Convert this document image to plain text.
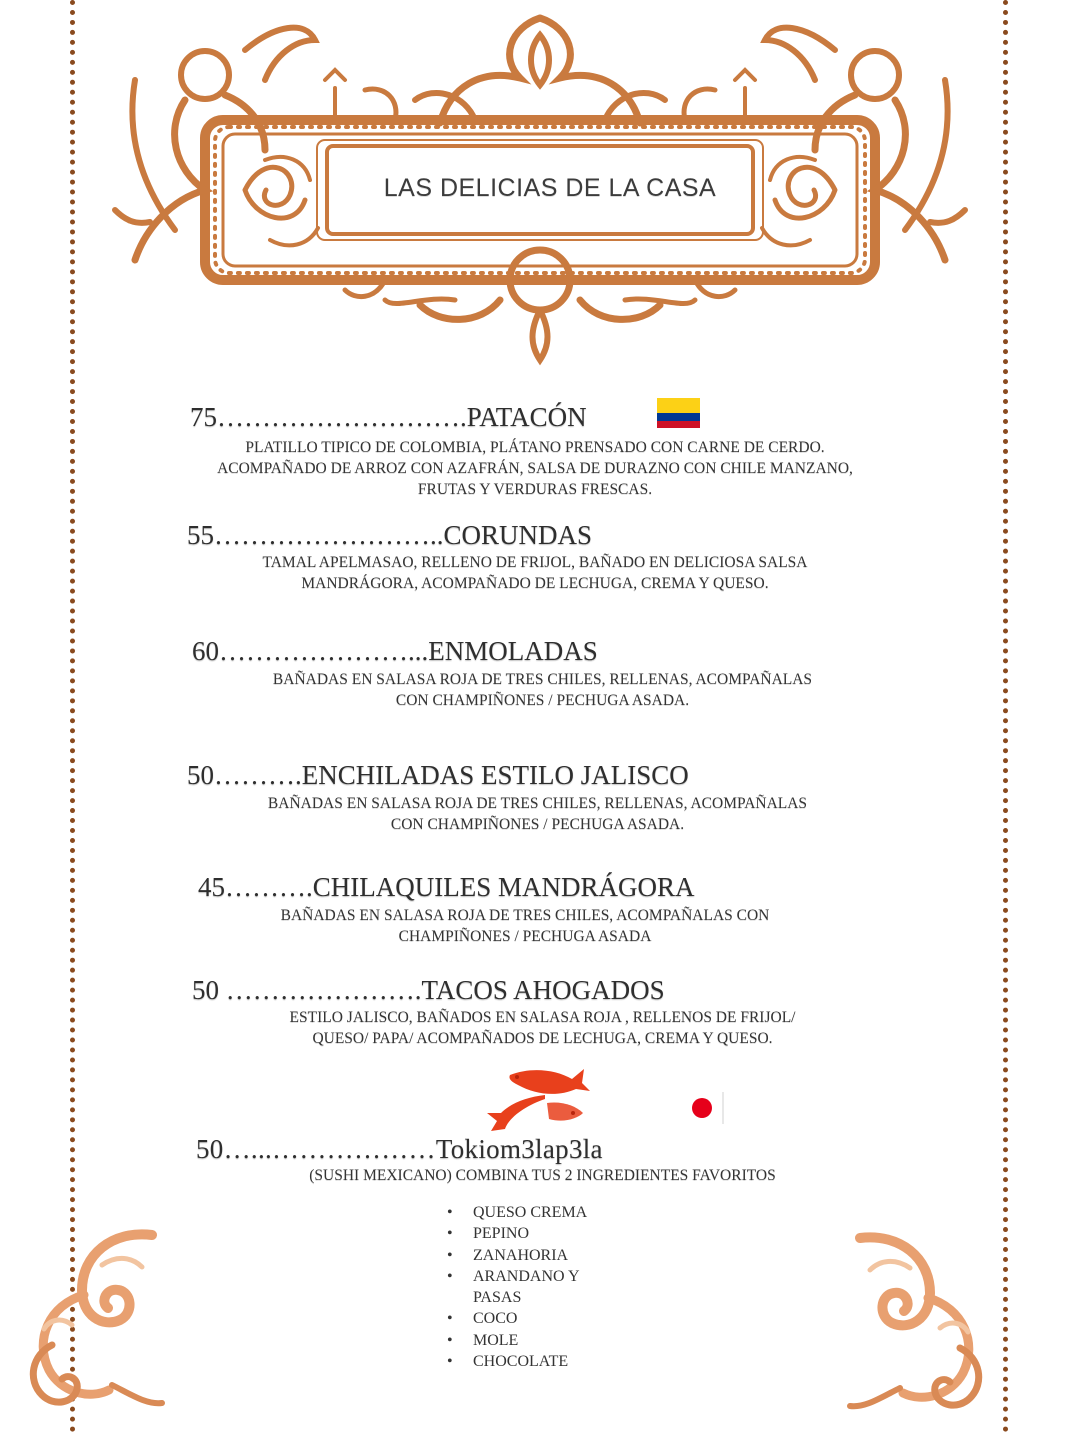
LAS DELICIAS DE LA CASA
75……………………….PATACÓN
PLATILLO TIPICO DE COLOMBIA, PLÁTANO PRENSADO CON CARNE DE CERDO.
ACOMPAÑADO DE ARROZ CON AZAFRÁN, SALSA DE DURAZNO CON CHILE MANZANO,
FRUTAS Y VERDURAS FRESCAS.
55……………………..CORUNDAS
TAMAL APELMASAO, RELLENO DE FRIJOL, BAÑADO EN DELICIOSA SALSA
MANDRÁGORA, ACOMPAÑADO DE LECHUGA, CREMA Y QUESO.
60…………………...ENMOLADAS
BAÑADAS EN SALASA ROJA DE TRES CHILES, RELLENAS, ACOMPAÑALAS
CON CHAMPIÑONES / PECHUGA ASADA.
50……….ENCHILADAS ESTILO JALISCO
BAÑADAS EN SALASA ROJA DE TRES CHILES, RELLENAS, ACOMPAÑALAS
CON CHAMPIÑONES / PECHUGA ASADA.
45……….CHILAQUILES MANDRÁGORA
BAÑADAS EN SALASA ROJA DE TRES CHILES, ACOMPAÑALAS CON
CHAMPIÑONES / PECHUGA ASADA
50 ………………….TACOS AHOGADOS
ESTILO JALISCO, BAÑADOS EN SALASA ROJA , RELLENOS DE FRIJOL/
QUESO/ PAPA/ ACOMPAÑADOS DE LECHUGA, CREMA Y QUESO.
50…...………………Tokiom3lap3la
(SUSHI MEXICANO) COMBINA TUS 2 INGREDIENTES FAVORITOS
• QUESO CREMA
• PEPINO
• ZANAHORIA
• ARANDANO Y PASAS
• COCO
• MOLE
• CHOCOLATE
